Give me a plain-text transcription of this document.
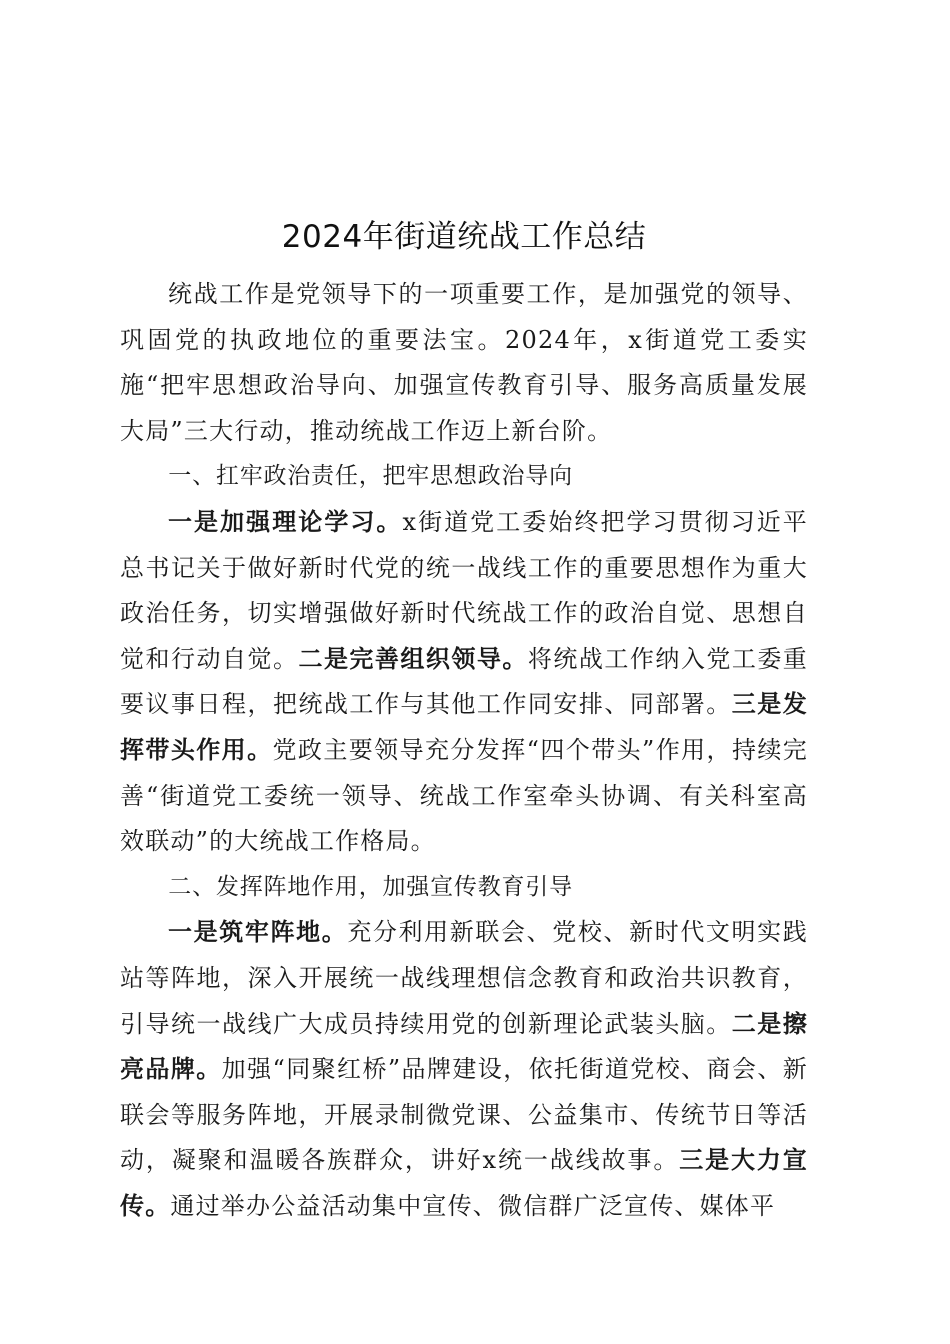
2024年街道统战工作总结

统战工作是党领导下的一项重要工作，是加强党的领导、巩固党的执政地位的重要法宝。2024年，x街道党工委实施“把牢思想政治导向、加强宣传教育引导、服务高质量发展大局”三大行动，推动统战工作迈上新台阶。

一、扛牢政治责任，把牢思想政治导向

一是加强理论学习。x街道党工委始终把学习贯彻习近平总书记关于做好新时代党的统一战线工作的重要思想作为重大政治任务，切实增强做好新时代统战工作的政治自觉、思想自觉和行动自觉。二是完善组织领导。将统战工作纳入党工委重要议事日程，把统战工作与其他工作同安排、同部署。三是发挥带头作用。党政主要领导充分发挥“四个带头”作用，持续完善“街道党工委统一领导、统战工作室牵头协调、有关科室高效联动”的大统战工作格局。

二、发挥阵地作用，加强宣传教育引导

一是筑牢阵地。充分利用新联会、党校、新时代文明实践站等阵地，深入开展统一战线理想信念教育和政治共识教育，引导统一战线广大成员持续用党的创新理论武装头脑。二是擦亮品牌。加强“同聚红桥”品牌建设，依托街道党校、商会、新联会等服务阵地，开展录制微党课、公益集市、传统节日等活动，凝聚和温暖各族群众，讲好x统一战线故事。三是大力宣传。通过举办公益活动集中宣传、微信群广泛宣传、媒体平
